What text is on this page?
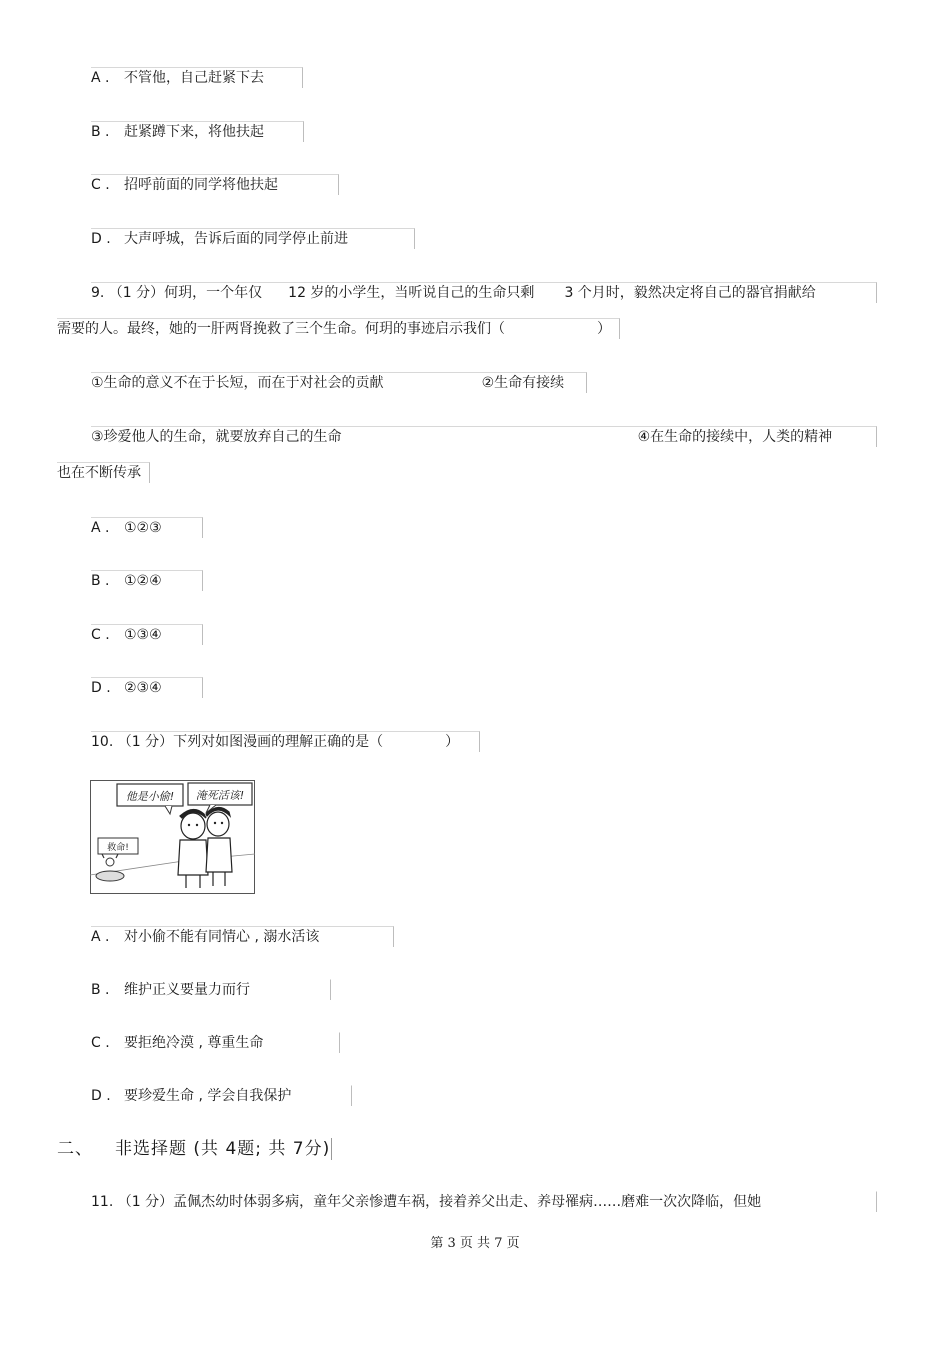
A . 不管他，自己赶紧下去
B . 赶紧蹲下来，将他扶起
C . 招呼前面的同学将他扶起
D . 大声呼城，告诉后面的同学停止前进
9. （1 分）何玥，一个年仅 12 岁的小学生，当听说自己的生命只剩 3 个月时，毅然决定将自己的器官捐献给
需要的人。最终，她的一肝两肾挽救了三个生命。何玥的事迹启示我们（	）
①生命的意义不在于长短，而在于对社会的贡献	②生命有接续
③珍爱他人的生命，就要放弃自己的生命	④在生命的接续中，人类的精神
也在不断传承
A . ①②③
B . ①②④
C . ①③④
D . ②③④
10. （1 分）下列对如图漫画的理解正确的是（	）
他是小偷! 淹死活该!
救命!
A . 对小偷不能有同情心 , 溺水活该
B . 维护正义要量力而行
C . 要拒绝冷漠 , 尊重生命
D . 要珍爱生命 , 学会自我保护
二、 非选择题 (共 4题; 共 7分)
11. （1 分）孟佩杰幼时体弱多病，童年父亲惨遭车祸，接着养父出走、养母罹病……磨难一次次降临，但她
第 3 页 共 7 页
